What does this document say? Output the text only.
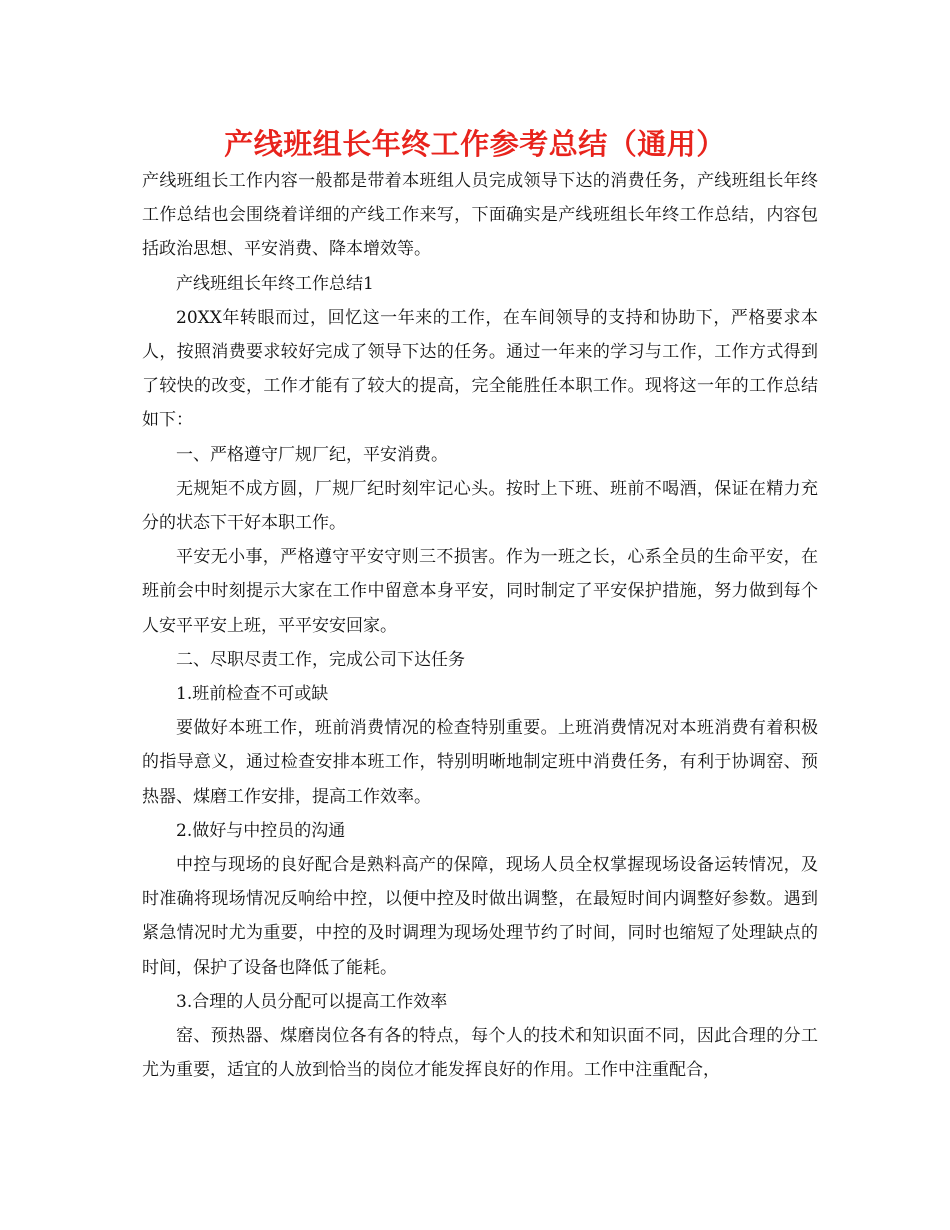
产线班组长年终工作参考总结（通用）

产线班组长工作内容一般都是带着本班组人员完成领导下达的消费任务，产线班组长年终工作总结也会围绕着详细的产线工作来写，下面确实是产线班组长年终工作总结，内容包括政治思想、平安消费、降本增效等。

产线班组长年终工作总结1

20XX年转眼而过，回忆这一年来的工作，在车间领导的支持和协助下，严格要求本人，按照消费要求较好完成了领导下达的任务。通过一年来的学习与工作，工作方式得到了较快的改变，工作才能有了较大的提高，完全能胜任本职工作。现将这一年的工作总结如下：

一、严格遵守厂规厂纪，平安消费。

无规矩不成方圆，厂规厂纪时刻牢记心头。按时上下班、班前不喝酒，保证在精力充分的状态下干好本职工作。

平安无小事，严格遵守平安守则三不损害。作为一班之长，心系全员的生命平安，在班前会中时刻提示大家在工作中留意本身平安，同时制定了平安保护措施，努力做到每个人安平平安上班，平平安安回家。

二、尽职尽责工作，完成公司下达任务

1.班前检查不可或缺

要做好本班工作，班前消费情况的检查特别重要。上班消费情况对本班消费有着积极的指导意义，通过检查安排本班工作，特别明晰地制定班中消费任务，有利于协调窑、预热器、煤磨工作安排，提高工作效率。

2.做好与中控员的沟通

中控与现场的良好配合是熟料高产的保障，现场人员全权掌握现场设备运转情况，及时准确将现场情况反响给中控，以便中控及时做出调整，在最短时间内调整好参数。遇到紧急情况时尤为重要，中控的及时调理为现场处理节约了时间，同时也缩短了处理缺点的时间，保护了设备也降低了能耗。

3.合理的人员分配可以提高工作效率

窑、预热器、煤磨岗位各有各的特点，每个人的技术和知识面不同，因此合理的分工尤为重要，适宜的人放到恰当的岗位才能发挥良好的作用。工作中注重配合，
